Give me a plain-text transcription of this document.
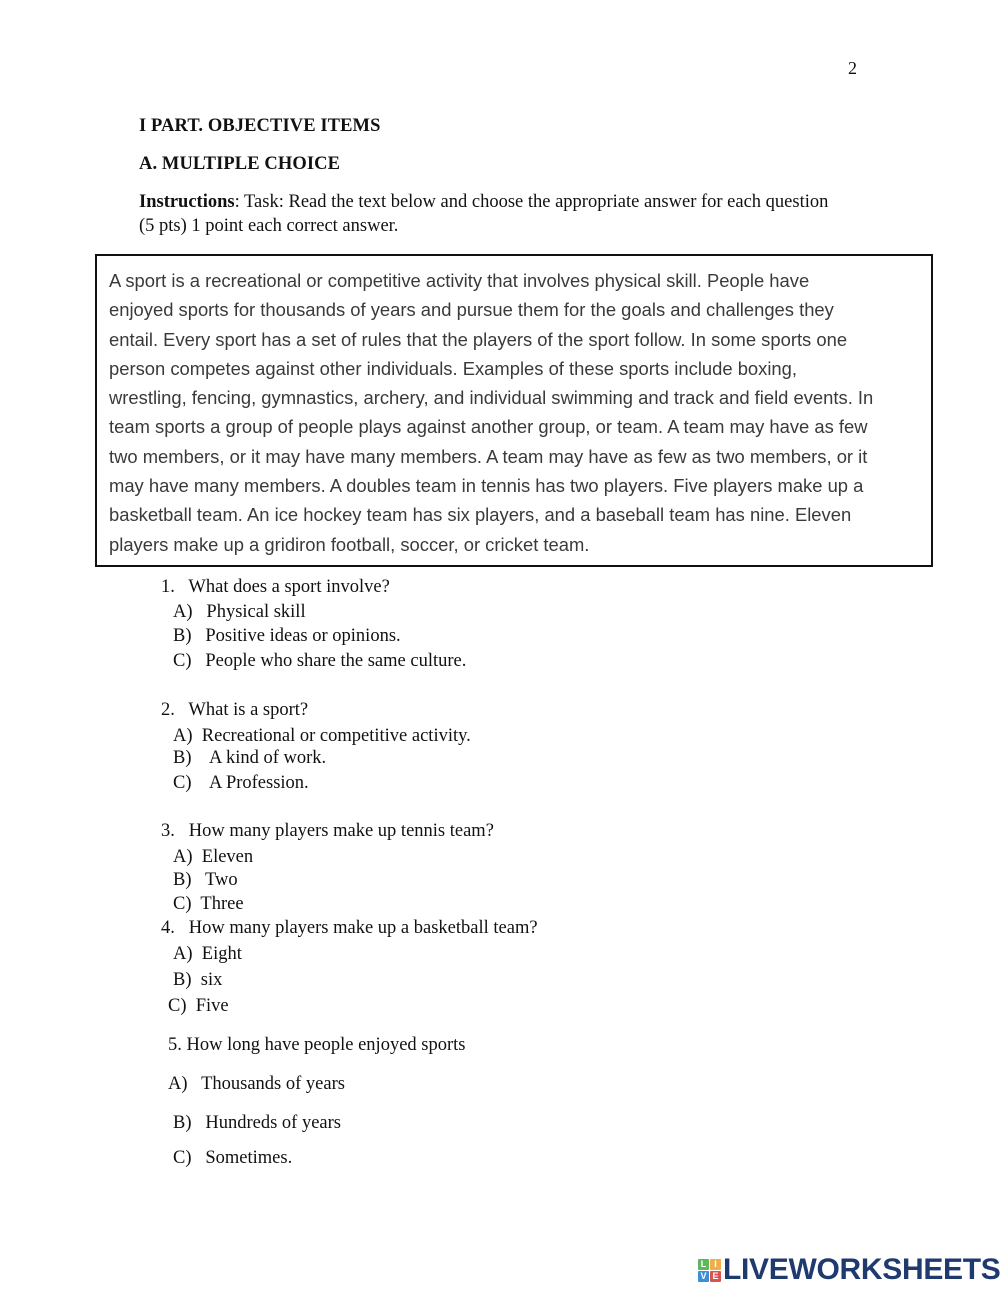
2
I PART. OBJECTIVE ITEMS
A. MULTIPLE CHOICE
Instructions: Task: Read the text below and choose the appropriate answer for each question
(5 pts) 1 point each correct answer.
A sport is a recreational or competitive activity that involves physical skill. People have
enjoyed sports for thousands of years and pursue them for the goals and challenges they
entail. Every sport has a set of rules that the players of the sport follow. In some sports one
person competes against other individuals. Examples of these sports include boxing,
wrestling, fencing, gymnastics, archery, and individual swimming and track and field events. In
team sports a group of people plays against another group, or team. A team may have as few
two members, or it may have many members. A team may have as few as two members, or it
may have many members. A doubles team in tennis has two players. Five players make up a
basketball team. An ice hockey team has six players, and a baseball team has nine. Eleven
players make up a gridiron football, soccer, or cricket team.
1. What does a sport involve?
A) Physical skill
B) Positive ideas or opinions.
C) People who share the same culture.
2. What is a sport?
A) Recreational or competitive activity.
B) A kind of work.
C) A Profession.
3. How many players make up tennis team?
A) Eleven
B) Two
C) Three
4. How many players make up a basketball team?
A) Eight
B) six
C) Five
5. How long have people enjoyed sports
A) Thousands of years
B) Hundreds of years
C) Sometimes.
L I
V E LIVEWORKSHEETS
